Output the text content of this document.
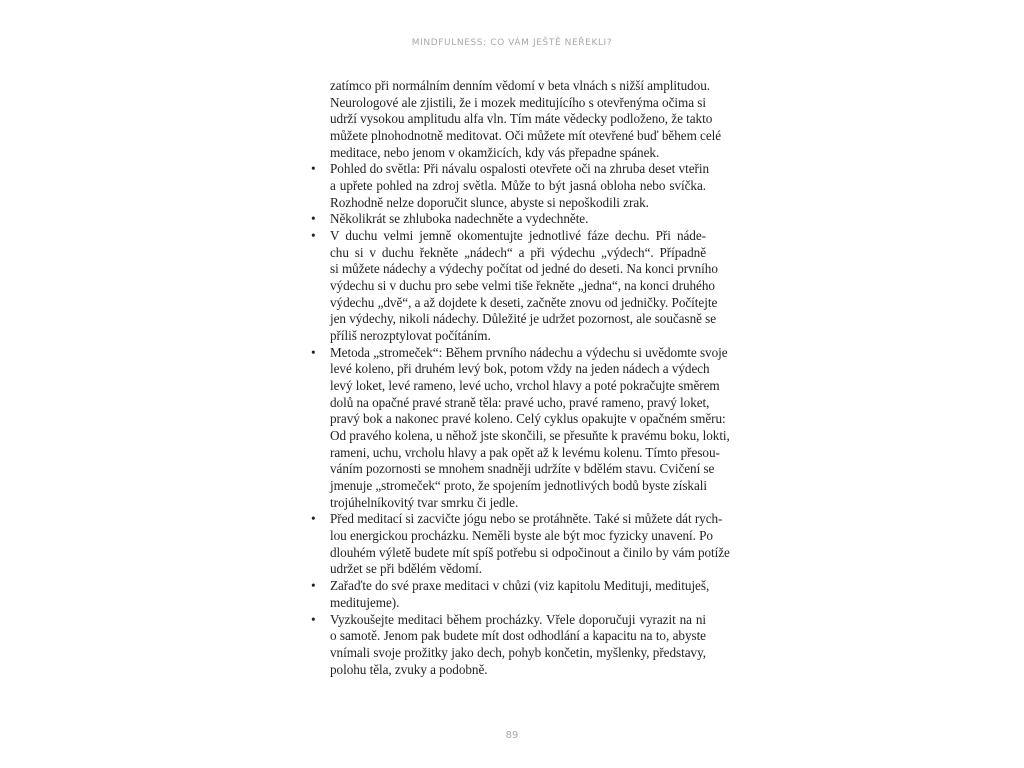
MINDFULNESS: CO VÁM JEŠTĚ NEŘEKLI?
zatímco při normálním denním vědomí v beta vlnách s nižší amplitudou.
Neurologové ale zjistili, že i mozek meditujícího s otevřenýma očima si
udrží vysokou amplitudu alfa vln. Tím máte vědecky podloženo, že takto
můžete plnohodnotně meditovat. Oči můžete mít otevřené buď během celé
meditace, nebo jenom v okamžicích, kdy vás přepadne spánek.
• Pohled do světla: Při návalu ospalosti otevřete oči na zhruba deset vteřin
a upřete pohled na zdroj světla. Může to být jasná obloha nebo svíčka.
Rozhodně nelze doporučit slunce, abyste si nepoškodili zrak.
• Několikrát se zhluboka nadechněte a vydechněte.
• V duchu velmi jemně okomentujte jednotlivé fáze dechu. Při náde-
chu si v duchu řekněte „nádech“ a při výdechu „výdech“. Případně
si můžete nádechy a výdechy počítat od jedné do deseti. Na konci prvního
výdechu si v duchu pro sebe velmi tiše řekněte „jedna“, na konci druhého
výdechu „dvě“, a až dojdete k deseti, začněte znovu od jedničky. Počítejte
jen výdechy, nikoli nádechy. Důležité je udržet pozornost, ale současně se
příliš nerozptylovat počítáním.
• Metoda „stromeček“: Během prvního nádechu a výdechu si uvědomte svoje
levé koleno, při druhém levý bok, potom vždy na jeden nádech a výdech
levý loket, levé rameno, levé ucho, vrchol hlavy a poté pokračujte směrem
dolů na opačné pravé straně těla: pravé ucho, pravé rameno, pravý loket,
pravý bok a nakonec pravé koleno. Celý cyklus opakujte v opačném směru:
Od pravého kolena, u něhož jste skončili, se přesuňte k pravému boku, lokti,
rameni, uchu, vrcholu hlavy a pak opět až k levému kolenu. Tímto přesou-
váním pozornosti se mnohem snadněji udržíte v bdělém stavu. Cvičení se
jmenuje „stromeček“ proto, že spojením jednotlivých bodů byste získali
trojúhelníkovitý tvar smrku či jedle.
• Před meditací si zacvičte jógu nebo se protáhněte. Také si můžete dát rych-
lou energickou procházku. Neměli byste ale být moc fyzicky unavení. Po
dlouhém výletě budete mít spíš potřebu si odpočinout a činilo by vám potíže
udržet se při bdělém vědomí.
• Zařaďte do své praxe meditaci v chůzi (viz kapitolu Medituji, medituješ,
meditujeme).
• Vyzkoušejte meditaci během procházky. Vřele doporučuji vyrazit na ni
o samotě. Jenom pak budete mít dost odhodlání a kapacitu na to, abyste
vnímali svoje prožitky jako dech, pohyb končetin, myšlenky, představy,
polohu těla, zvuky a podobně.
89
